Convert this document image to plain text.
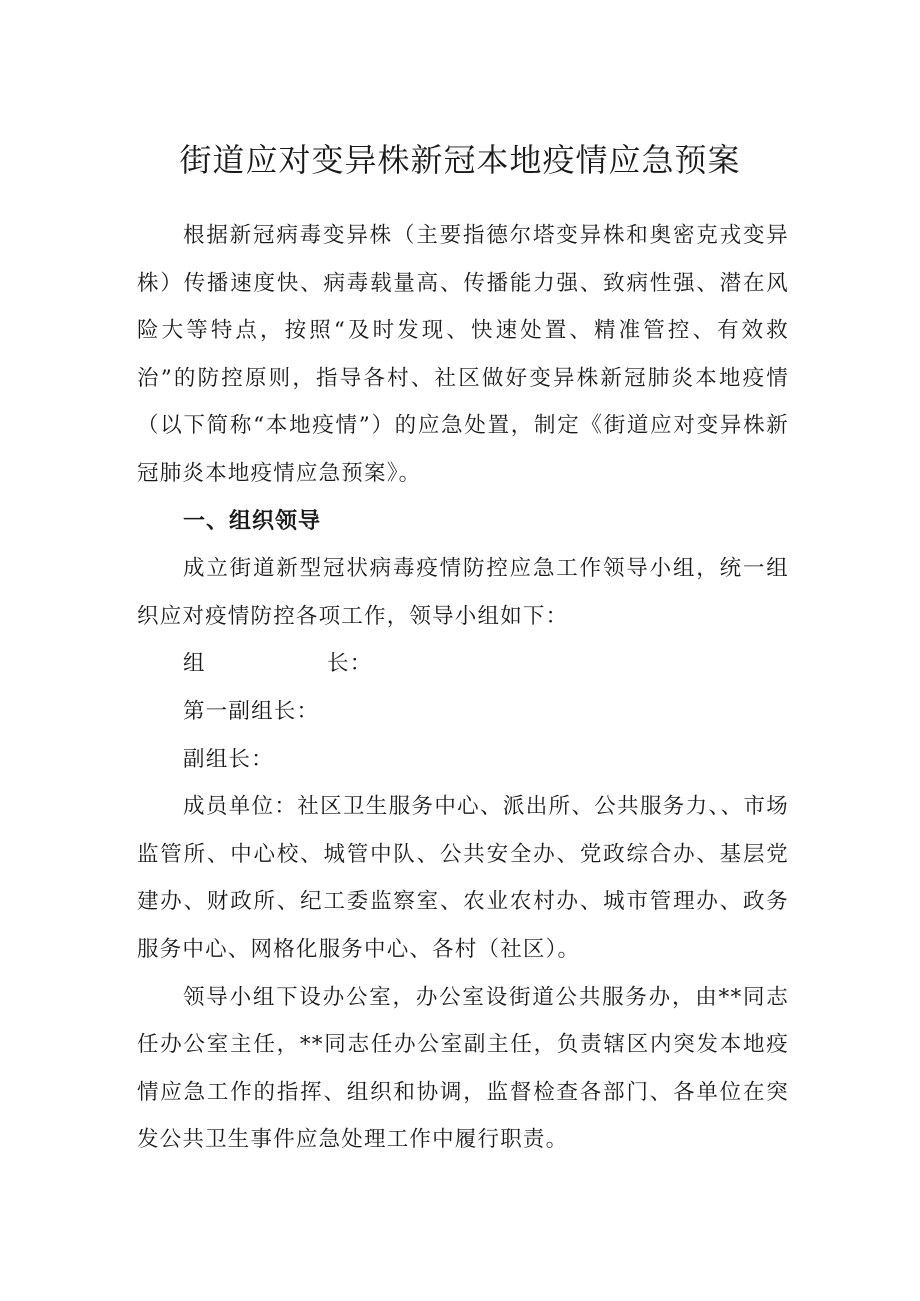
街道应对变异株新冠本地疫情应急预案

根据新冠病毒变异株（主要指德尔塔变异株和奥密克戎变异株）传播速度快、病毒载量高、传播能力强、致病性强、潜在风险大等特点，按照“及时发现、快速处置、精准管控、有效救治”的防控原则，指导各村、社区做好变异株新冠肺炎本地疫情（以下简称“本地疫情”）的应急处置，制定《街道应对变异株新冠肺炎本地疫情应急预案》。

一、组织领导

成立街道新型冠状病毒疫情防控应急工作领导小组，统一组织应对疫情防控各项工作，领导小组如下：

组	长：

第一副组长：

副组长：

成员单位：社区卫生服务中心、派出所、公共服务力、、市场监管所、中心校、城管中队、公共安全办、党政综合办、基层党建办、财政所、纪工委监察室、农业农村办、城市管理办、政务服务中心、网格化服务中心、各村（社区）。

领导小组下设办公室，办公室设街道公共服务办，由**同志任办公室主任，**同志任办公室副主任，负责辖区内突发本地疫情应急工作的指挥、组织和协调，监督检查各部门、各单位在突发公共卫生事件应急处理工作中履行职责。
